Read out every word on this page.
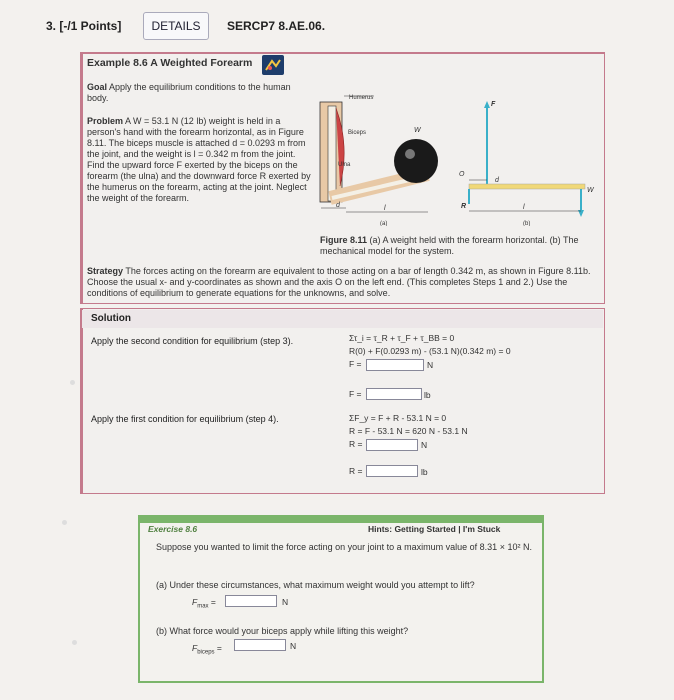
3. [-/1 Points]	DETAILS	SERCP7 8.AE.06.
Example 8.6 A Weighted Forearm
Goal Apply the equilibrium conditions to the human body.
Problem A W = 53.1 N (12 lb) weight is held in a person's hand with the forearm horizontal, as in Figure 8.11. The biceps muscle is attached d = 0.0293 m from the joint, and the weight is l = 0.342 m from the joint. Find the upward force F exerted by the biceps on the forearm (the ulna) and the downward force R exerted by the humerus on the forearm, acting at the joint. Neglect the weight of the forearm.
Humerus
Biceps
Ulna
W
d	l
(a)
F
W
R
O
d
l
(b)
Figure 8.11 (a) A weight held with the forearm horizontal. (b) The mechanical model for the system.
Strategy The forces acting on the forearm are equivalent to those acting on a bar of length 0.342 m, as shown in Figure 8.11b. Choose the usual x- and y-coordinates as shown and the axis O on the left end. (This completes Steps 1 and 2.) Use the conditions of equilibrium to generate equations for the unknowns, and solve.
Solution
Apply the second condition for equilibrium (step 3).	Στ_i = τ_R + τ_F + τ_BB = 0
R(0) + F(0.0293 m) - (53.1 N)(0.342 m) = 0
F =	N
F =	lb
Apply the first condition for equilibrium (step 4).	ΣF_y = F + R - 53.1 N = 0
R = F - 53.1 N = 620 N - 53.1 N
R =	N
R =	lb
Exercise 8.6	Hints: Getting Started | I'm Stuck
Suppose you wanted to limit the force acting on your joint to a maximum value of 8.31 × 10² N.
(a) Under these circumstances, what maximum weight would you attempt to lift?
$F_{max}$ =	N
(b) What force would your biceps apply while lifting this weight?
$F_{biceps}$ =	N
